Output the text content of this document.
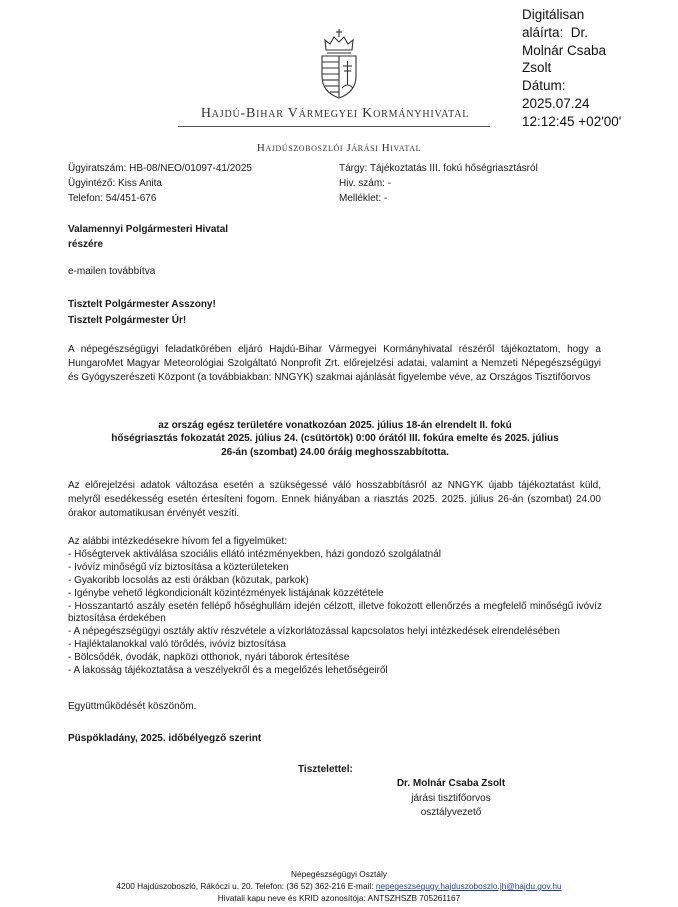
Digitálisan
aláírta:  Dr.
Molnár Csaba
Zsolt
Dátum:
2025.07.24
12:12:45 +02'00'
Hajdú-Bihar Vármegyei Kormányhivatal
Hajdúszoboszlói Járási Hivatal
Ügyiratszám: HB-08/NEO/01097-41/2025
Ügyintéző: Kiss Anita
Telefon: 54/451-676
Tárgy: Tájékoztatás III. fokú hőségriasztásról
Hiv. szám: -
Melléklet: -
Valamennyi Polgármesteri Hivatal
részére
e-mailen továbbítva
Tisztelt Polgármester Asszony!
Tisztelt Polgármester Úr!
A népegészségügyi feladatkörében eljáró Hajdú-Bihar Vármegyei Kormányhivatal részéről tájékoztatom, hogy a HungaroMet Magyar Meteorológiai Szolgáltató Nonprofit Zrt. előrejelzési adatai, valamint a Nemzeti Népegészségügyi és Gyógyszerészeti Központ (a továbbiakban: NNGYK) szakmai ajánlását figyelembe véve, az Országos Tisztifőorvos
az ország egész területére vonatkozóan 2025. július 18-án elrendelt II. fokú
hőségriasztás fokozatát 2025. július 24. (csütörtök) 0:00 órától III. fokúra emelte és 2025. július
26-án (szombat) 24.00 óráig meghosszabbította.
Az előrejelzési adatok változása esetén a szükségessé váló hosszabbításról az NNGYK újabb tájékoztatást küld, melyről esedékesség esetén értesíteni fogom. Ennek hiányában a riasztás 2025. 2025. július 26-án (szombat) 24.00 órakor automatikusan érvényét veszíti.
Az alábbi intézkedésekre hívom fel a figyelmüket:
- Hőségtervek aktiválása szociális ellátó intézményekben, házi gondozó szolgálatnál
- Ivóvíz minőségű víz biztosítása a közterületeken
- Gyakoribb locsolás az esti órákban (közutak, parkok)
- Igénybe vehető légkondicionált közintézmények listájának közzététele
- Hosszantartó aszály esetén fellépő hőséghullám idején célzott, illetve fokozott ellenőrzés a megfelelő minőségű ivóvíz biztosítása érdekében
- A népegészségügyi osztály aktív részvétele a vízkorlátozással kapcsolatos helyi intézkedések elrendelésében
- Hajléktalanokkal való törődés, ivóvíz biztosítása
- Bölcsődék, óvodák, napközi otthonok, nyári táborok értesítése
- A lakosság tájékoztatása a veszélyekről és a megelőzés lehetőségeiről
Együttműködését köszönöm.
Püspökladány, 2025. időbélyegző szerint
Tisztelettel:
Dr. Molnár Csaba Zsolt
járási tisztifőorvos
osztályvezető
Népegészségügyi Osztály
4200 Hajdúszoboszló, Rákóczi u. 20. Telefon: (36 52) 362-216 E-mail: nepegeszsegugy.hajduszoboszlo.jh@hajdu.gov.hu
Hivatali kapu neve és KRID azonosítója: ANTSZHSZB 705261167
